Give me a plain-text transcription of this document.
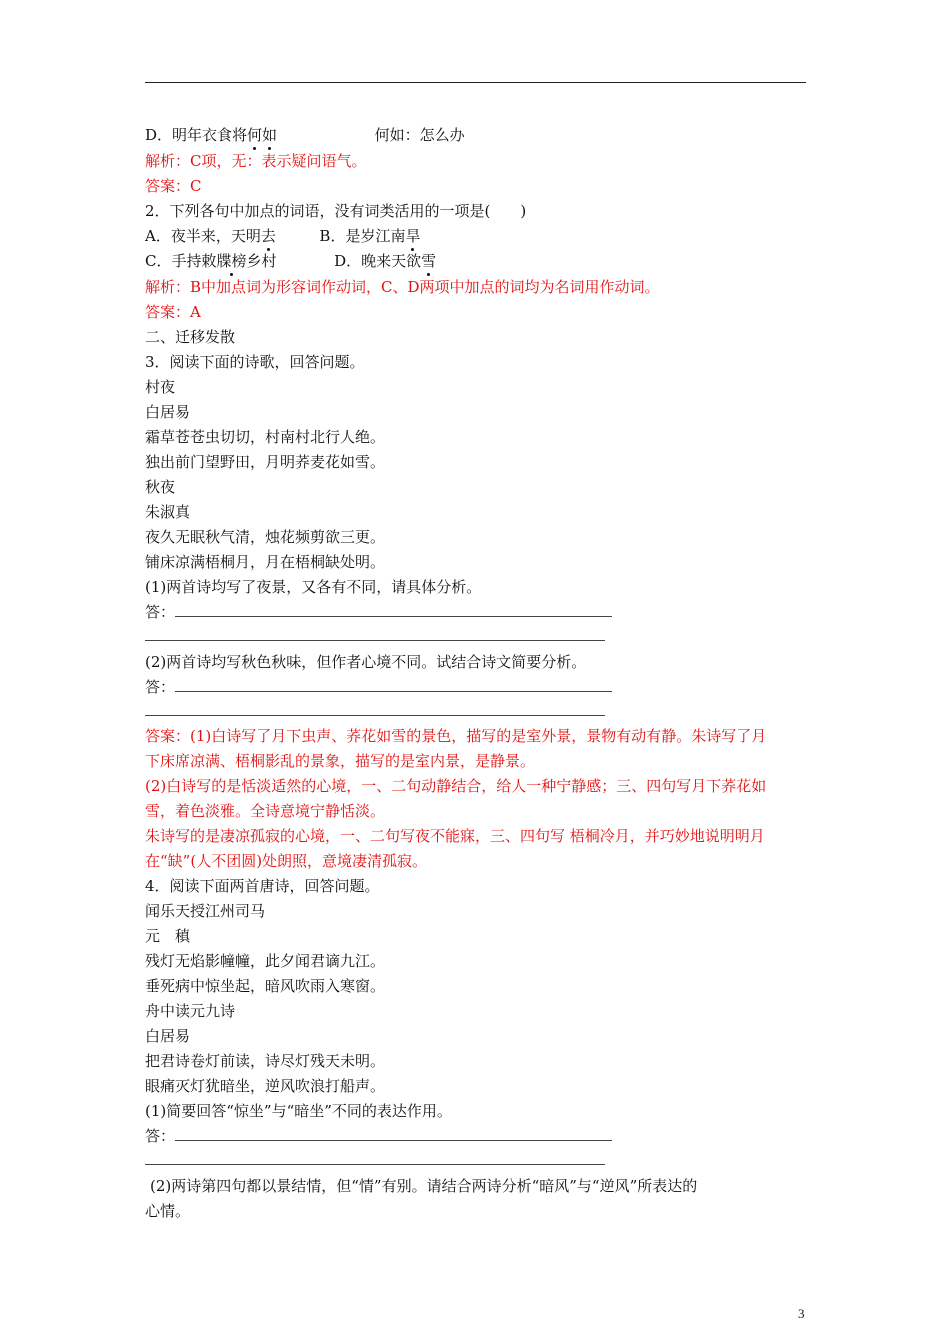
D．明年衣食将何如	何如：怎么办
解析：C项，无：表示疑问语气。
答案：C
2．下列各句中加点的词语，没有词类活用的一项是(　　)
A．夜半来，天明去	B．是岁江南旱
C．手持敕牒榜乡村	D．晚来天欲雪
解析：B中加点词为形容词作动词，C、D两项中加点的词均为名词用作动词。
答案：A
二、迁移发散
3．阅读下面的诗歌，回答问题。
村夜
白居易
霜草苍苍虫切切，村南村北行人绝。
独出前门望野田，月明荞麦花如雪。
秋夜
朱淑真
夜久无眠秋气清，烛花频剪欲三更。
铺床凉满梧桐月，月在梧桐缺处明。
(1)两首诗均写了夜景，又各有不同，请具体分析。
答：
(2)两首诗均写秋色秋味，但作者心境不同。试结合诗文简要分析。
答：
答案：(1)白诗写了月下虫声、荞花如雪的景色，描写的是室外景，景物有动有静。朱诗写了月
下床席凉满、梧桐影乱的景象，描写的是室内景，是静景。
(2)白诗写的是恬淡适然的心境，一、二句动静结合，给人一种宁静感；三、四句写月下荞花如
雪，着色淡雅。全诗意境宁静恬淡。
朱诗写的是凄凉孤寂的心境，一、二句写夜不能寐，三、四句写 梧桐冷月，并巧妙地说明明月
在“缺”(人不团圆)处朗照，意境凄清孤寂。
4．阅读下面两首唐诗，回答问题。
闻乐天授江州司马
元　稹
残灯无焰影幢幢，此夕闻君谪九江。
垂死病中惊坐起，暗风吹雨入寒窗。
舟中读元九诗
白居易
把君诗卷灯前读，诗尽灯残天未明。
眼痛灭灯犹暗坐，逆风吹浪打船声。
(1)简要回答“惊坐”与“暗坐”不同的表达作用。
答：
(2)两诗第四句都以景结情，但“情”有别。请结合两诗分析“暗风”与“逆风”所表达的
心情。
3
